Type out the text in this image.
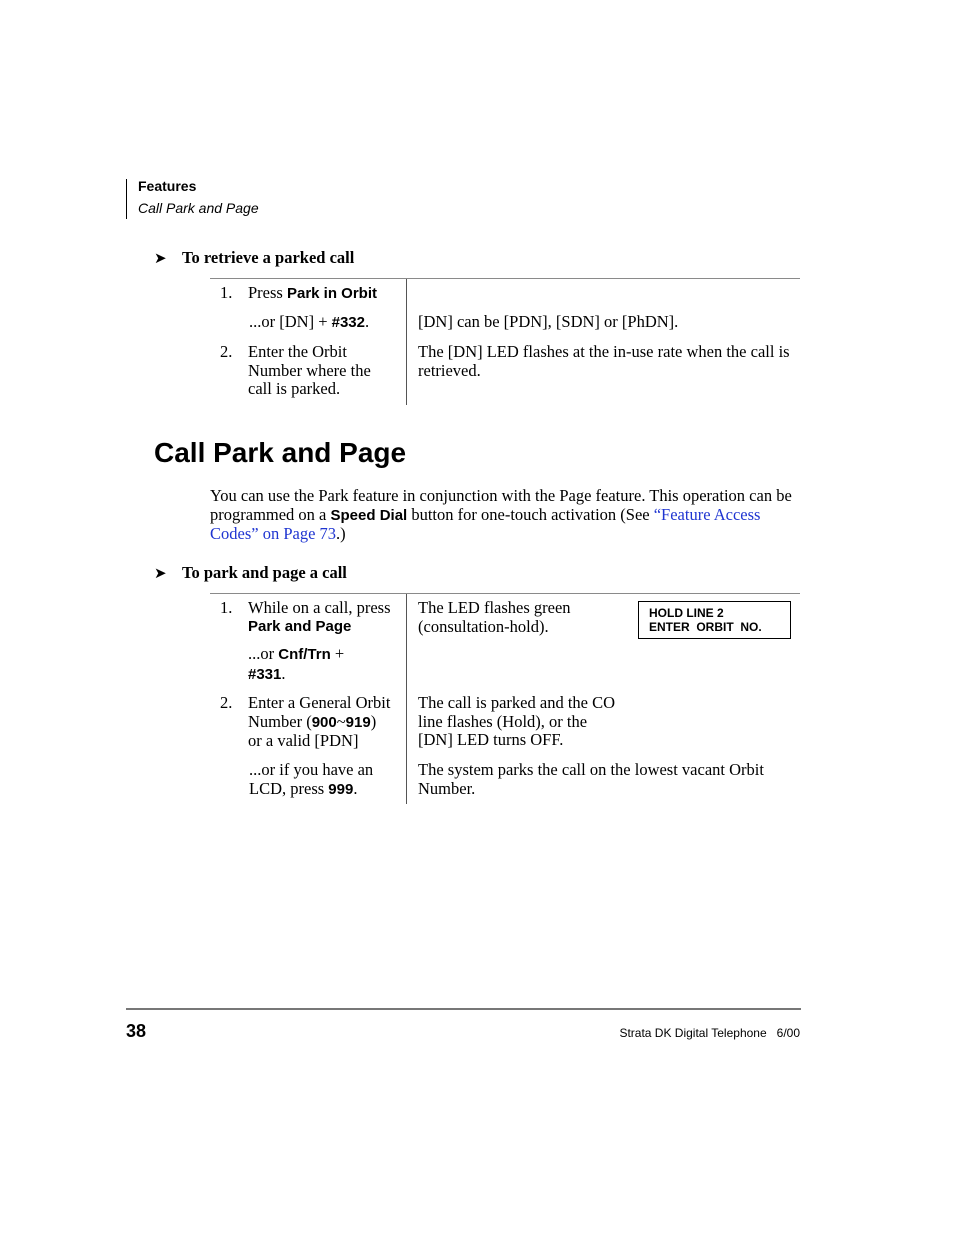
Features
Call Park and Page
➤ To retrieve a parked call
1. Press Park in Orbit
...or [DN] + #332.	[DN] can be [PDN], [SDN] or [PhDN].
2. Enter the Orbit
Number where the
call is parked.
The [DN] LED flashes at the in-use rate when the call is retrieved.
Call Park and Page
You can use the Park feature in conjunction with the Page feature. This operation can be programmed on a Speed Dial button for one-touch activation (See “Feature Access Codes” on Page 73.)
➤ To park and page a call
1. While on a call, press
Park and Page
...or Cnf/Trn +
#331.
The LED flashes green
(consultation-hold).
HOLD LINE 2
ENTER  ORBIT  NO.
2. Enter a General Orbit
Number (900~919)
or a valid [PDN]
The call is parked and the CO
line flashes (Hold), or the
[DN] LED turns OFF.
...or if you have an
LCD, press 999.
The system parks the call on the lowest vacant Orbit Number.
38	Strata DK Digital Telephone   6/00
